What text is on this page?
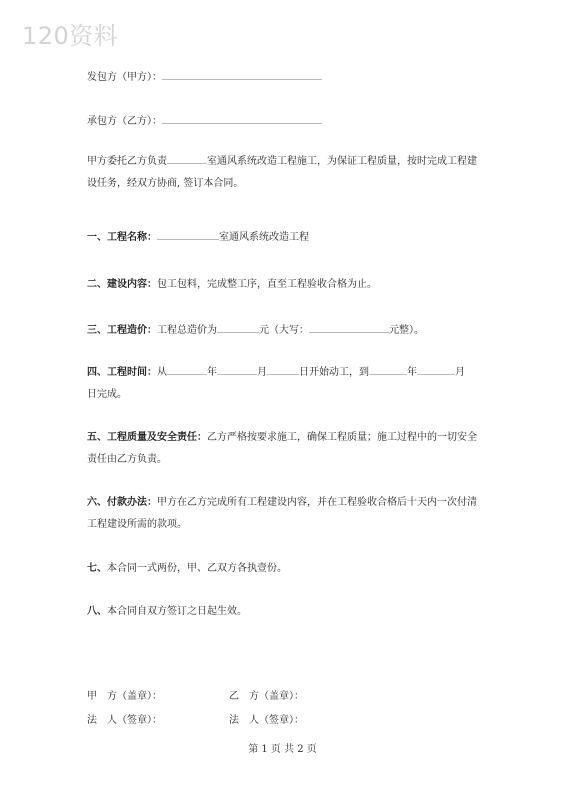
120资料
发包方（甲方）：
承包方（乙方）：
甲方委托乙方负责	室通风系统改造工程施工，为保证工程质量，按时完成工程建设任务，经双方协商, 签订本合同。
一、工程名称：	室通风系统改造工程
二、建设内容：包工包料，完成整工序，直至工程验收合格为止。
三、工程造价：工程总造价为	元（大写：	元整）。
四、工程时间：从	年	月	日开始动工，到	年	月
日完成。
五、工程质量及安全责任：乙方严格按要求施工，确保工程质量；施工过程中的一切安全责任由乙方负责。
六、付款办法：甲方在乙方完成所有工程建设内容，并在工程验收合格后十天内一次付清工程建设所需的款项。
七、本合同一式两份，甲、乙双方各执壹份。
八、本合同自双方签订之日起生效。
甲　方（盖章）：	乙　方（盖章）：
法　人（签章）：	法　人（签章）：
第 1 页 共 2 页
